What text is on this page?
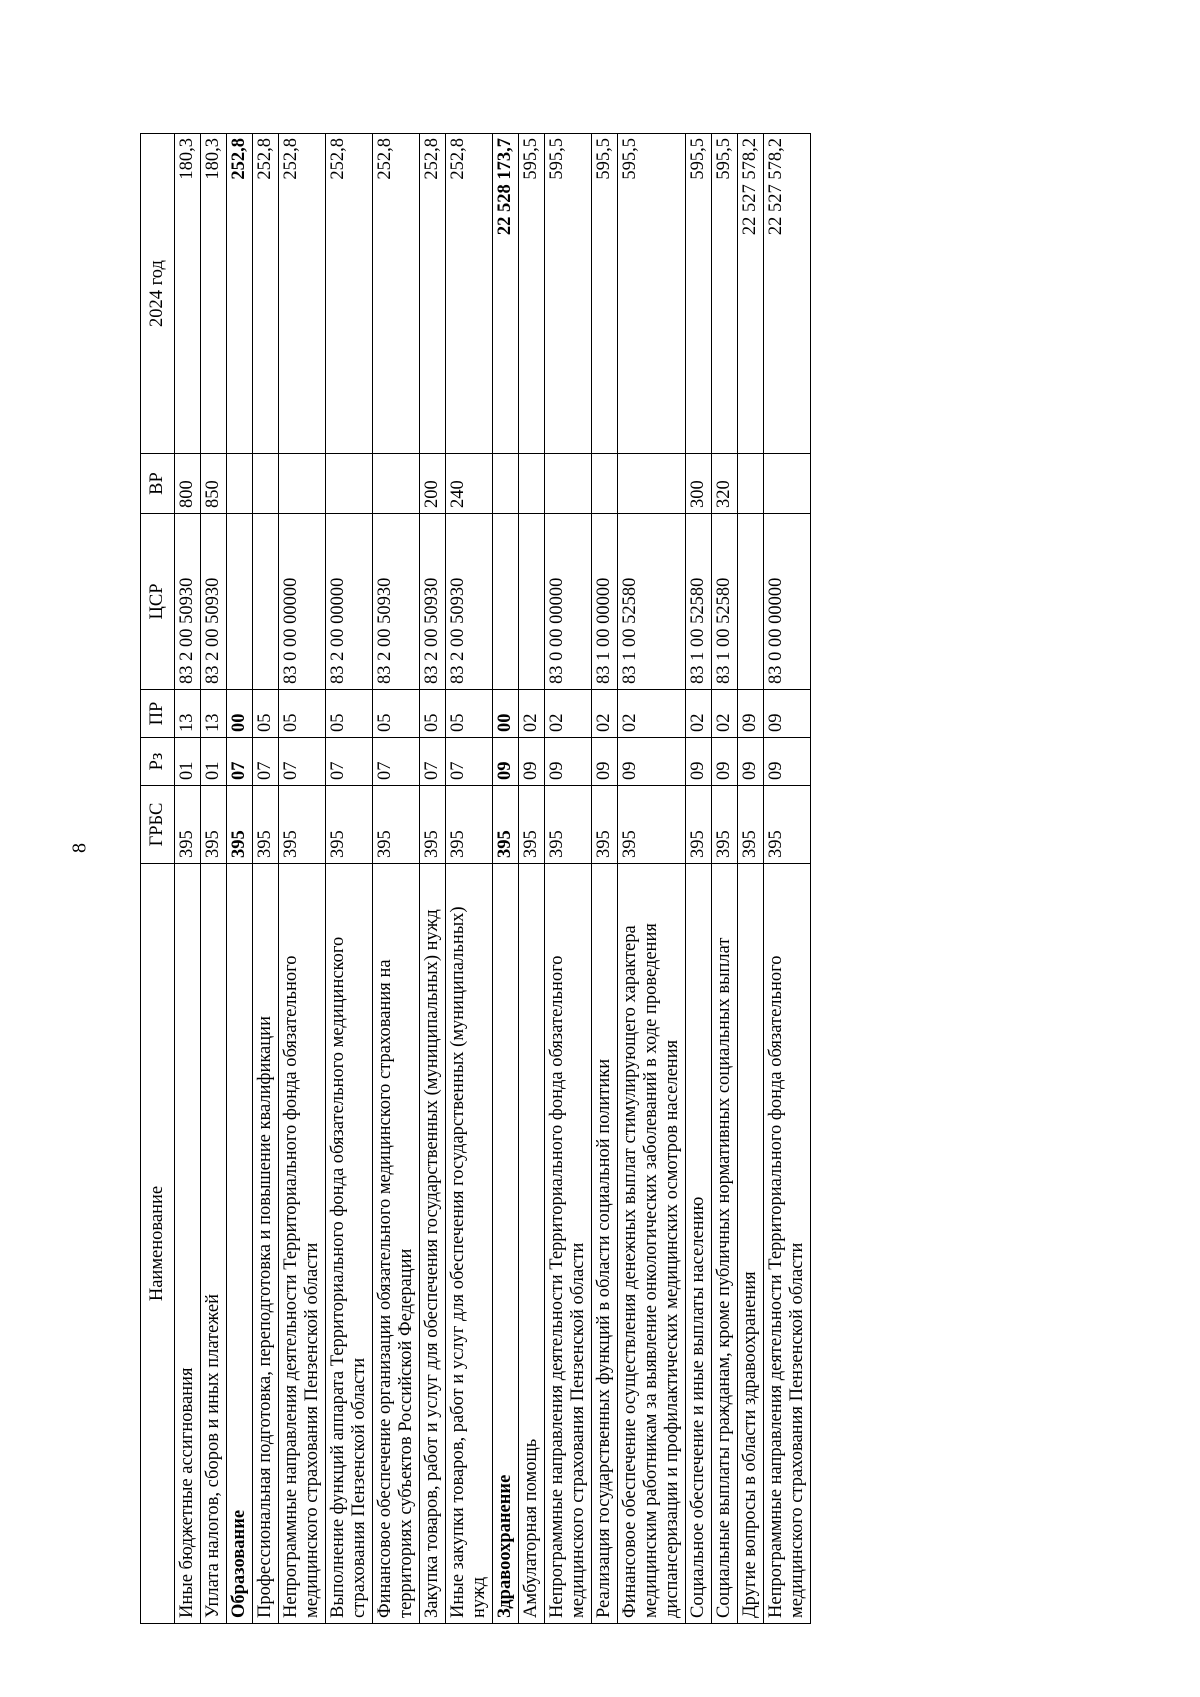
8
Наименование	ГРБС	Рз	ПР	ЦСР	ВР	2024 год
Иные бюджетные ассигнования	395	01	13	83 2 00 50930	800	180,3
Уплата налогов, сборов и иных платежей	395	01	13	83 2 00 50930	850	180,3
Образование	395	07	00			252,8
Профессиональная подготовка, переподготовка и повышение квалификации	395	07	05			252,8
Непрограммные направления деятельности Территориального фонда обязательного медицинского страхования Пензенской области	395	07	05	83 0 00 00000		252,8
Выполнение функций аппарата Территориального фонда обязательного медицинского страхования Пензенской области	395	07	05	83 2 00 00000		252,8
Финансовое обеспечение организации обязательного медицинского страхования на территориях субъектов Российской Федерации	395	07	05	83 2 00 50930		252,8
Закупка товаров, работ и услуг для обеспечения государственных (муниципальных) нужд	395	07	05	83 2 00 50930	200	252,8
Иные закупки товаров, работ и услуг для обеспечения государственных (муниципальных) нужд	395	07	05	83 2 00 50930	240	252,8
Здравоохранение	395	09	00			22 528 173,7
Амбулаторная помощь	395	09	02			595,5
Непрограммные направления деятельности Территориального фонда обязательного медицинского страхования Пензенской области	395	09	02	83 0 00 00000		595,5
Реализация государственных функций в области социальной политики	395	09	02	83 1 00 00000		595,5
Финансовое обеспечение осуществления денежных выплат стимулирующего характера медицинским работникам за выявление онкологических заболеваний в ходе проведения диспансеризации и профилактических медицинских осмотров населения	395	09	02	83 1 00 52580		595,5
Социальное обеспечение и иные выплаты населению	395	09	02	83 1 00 52580	300	595,5
Социальные выплаты гражданам, кроме публичных нормативных социальных выплат	395	09	02	83 1 00 52580	320	595,5
Другие вопросы в области здравоохранения	395	09	09			22 527 578,2
Непрограммные направления деятельности Территориального фонда обязательного медицинского страхования Пензенской области	395	09	09	83 0 00 00000		22 527 578,2
